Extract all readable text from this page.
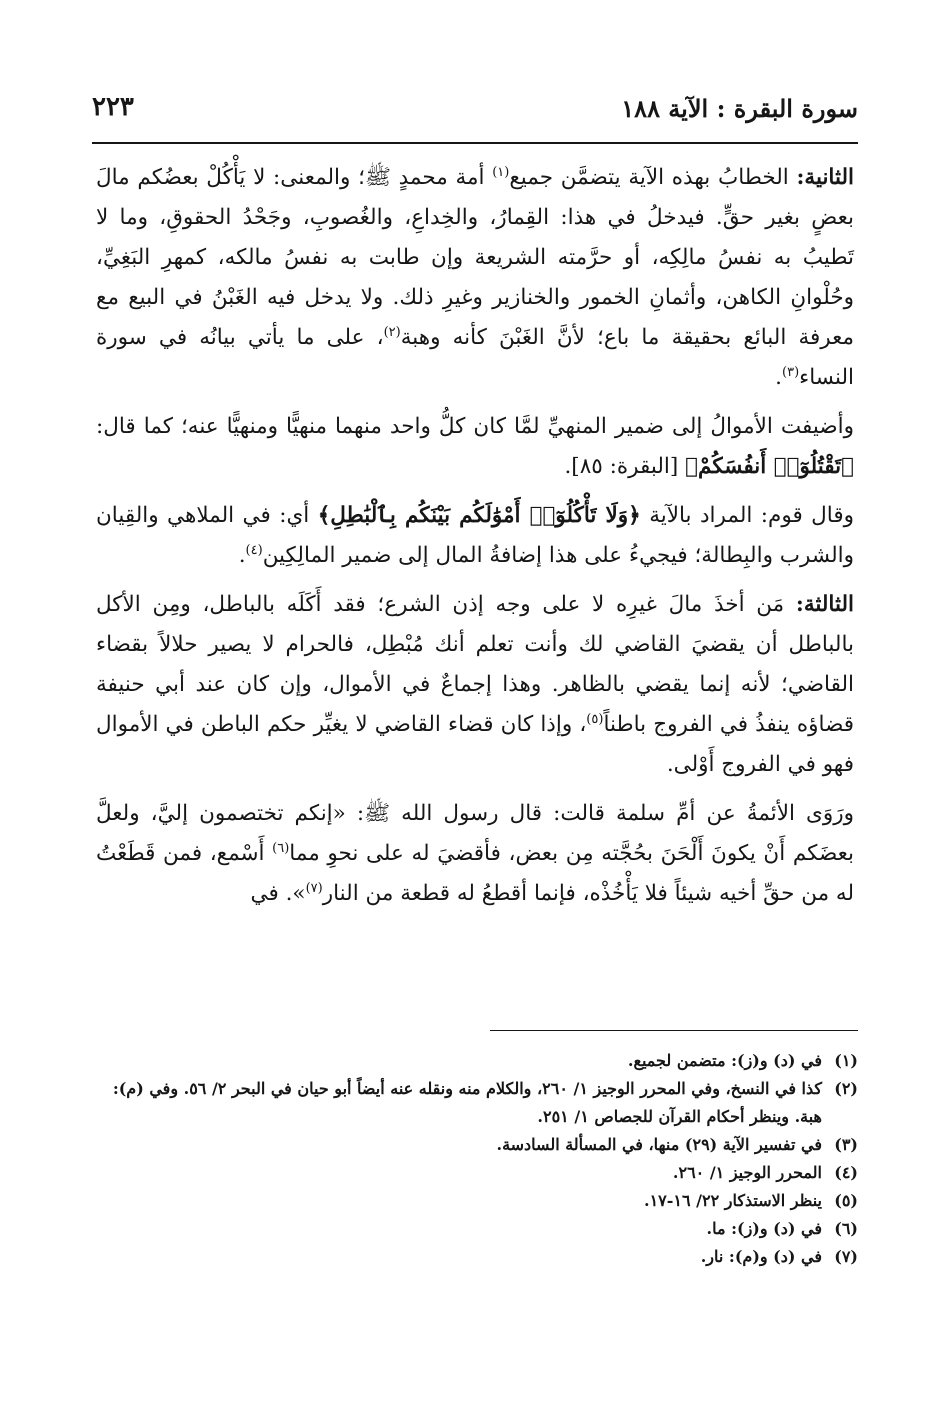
سورة البقرة : الآية ١٨٨
٢٢٣

الثانية: الخطابُ بهذه الآية يتضمَّن جميع$^{(١)}$ أمة محمدٍ ﷺ؛ والمعنى: لا يَأْكُلْ بعضُكم مالَ بعضٍ بغير حقٍّ. فيدخلُ في هذا: القِمارُ، والخِداعِ، والغُصوبِ، وجَحْدُ الحقوقِ، وما لا تَطيبُ به نفسُ مالِكِه، أو حرَّمته الشريعة وإن طابت به نفسُ مالكه، كمهرِ البَغِيِّ، وحُلْوانِ الكاهن، وأثمانِ الخمور والخنازير وغيرِ ذلك. ولا يدخل فيه الغَبْنُ في البيع مع معرفة البائع بحقيقة ما باع؛ لأنَّ الغَبْنَ كأنه وهبة$^{(٢)}$، على ما يأتي بيانُه في سورة النساء$^{(٣)}$.

وأضيفت الأموالُ إلى ضمير المنهيِّ لمَّا كان كلُّ واحد منهما منهيًّا ومنهيًّا عنه؛ كما قال: ﴿تَقْتُلُوٓا۟ أَنفُسَكُمْ﴾ [البقرة: ٨٥].

وقال قوم: المراد بالآية ﴿وَلَا تَأْكُلُوٓا۟ أَمْوَٰلَكُم بَيْنَكُم بِٱلْبَٰطِلِ﴾ أي: في الملاهي والقِيان والشرب والبِطالة؛ فيجيءُ على هذا إضافةُ المال إلى ضمير المالِكِين$^{(٤)}$.

الثالثة: مَن أخذَ مالَ غيرِه لا على وجه إذن الشرع؛ فقد أَكَلَه بالباطل، ومِن الأكل بالباطل أن يقضيَ القاضي لك وأنت تعلم أنك مُبْطِل، فالحرام لا يصير حلالاً بقضاء القاضي؛ لأنه إنما يقضي بالظاهر. وهذا إجماعٌ في الأموال، وإن كان عند أبي حنيفة قضاؤه ينفذُ في الفروج باطناً$^{(٥)}$، وإذا كان قضاء القاضي لا يغيِّر حكم الباطن في الأموال فهو في الفروج أَوْلى.

ورَوَى الأئمةُ عن أمِّ سلمة قالت: قال رسول الله ﷺ: «إنكم تختصمون إليَّ، ولعلَّ بعضَكم أَنْ يكونَ أَلْحَنَ بحُجَّته مِن بعض، فأقضيَ له على نحوِ مما$^{(٦)}$ أَسْمع، فمن قَطَعْتُ له من حقِّ أخيه شيئاً فلا يَأْخُذْه، فإنما أقطعُ له قطعة من النار$^{(٧)}$». في

(١)
في (د) و(ز): متضمن لجميع.
(٢)
كذا في النسخ، وفي المحرر الوجيز ١/ ٢٦٠، والكلام منه ونقله عنه أيضاً أبو حيان في البحر ٢/ ٥٦. وفي (م): هبة. وينظر أحكام القرآن للجصاص ١/ ٢٥١.
(٣)
في تفسير الآية (٢٩) منها، في المسألة السادسة.
(٤)
المحرر الوجيز ١/ ٢٦٠.
(٥)
ينظر الاستذكار ٢٢/ ١٦-١٧.
(٦)
في (د) و(ز): ما.
(٧)
في (د) و(م): نار.
